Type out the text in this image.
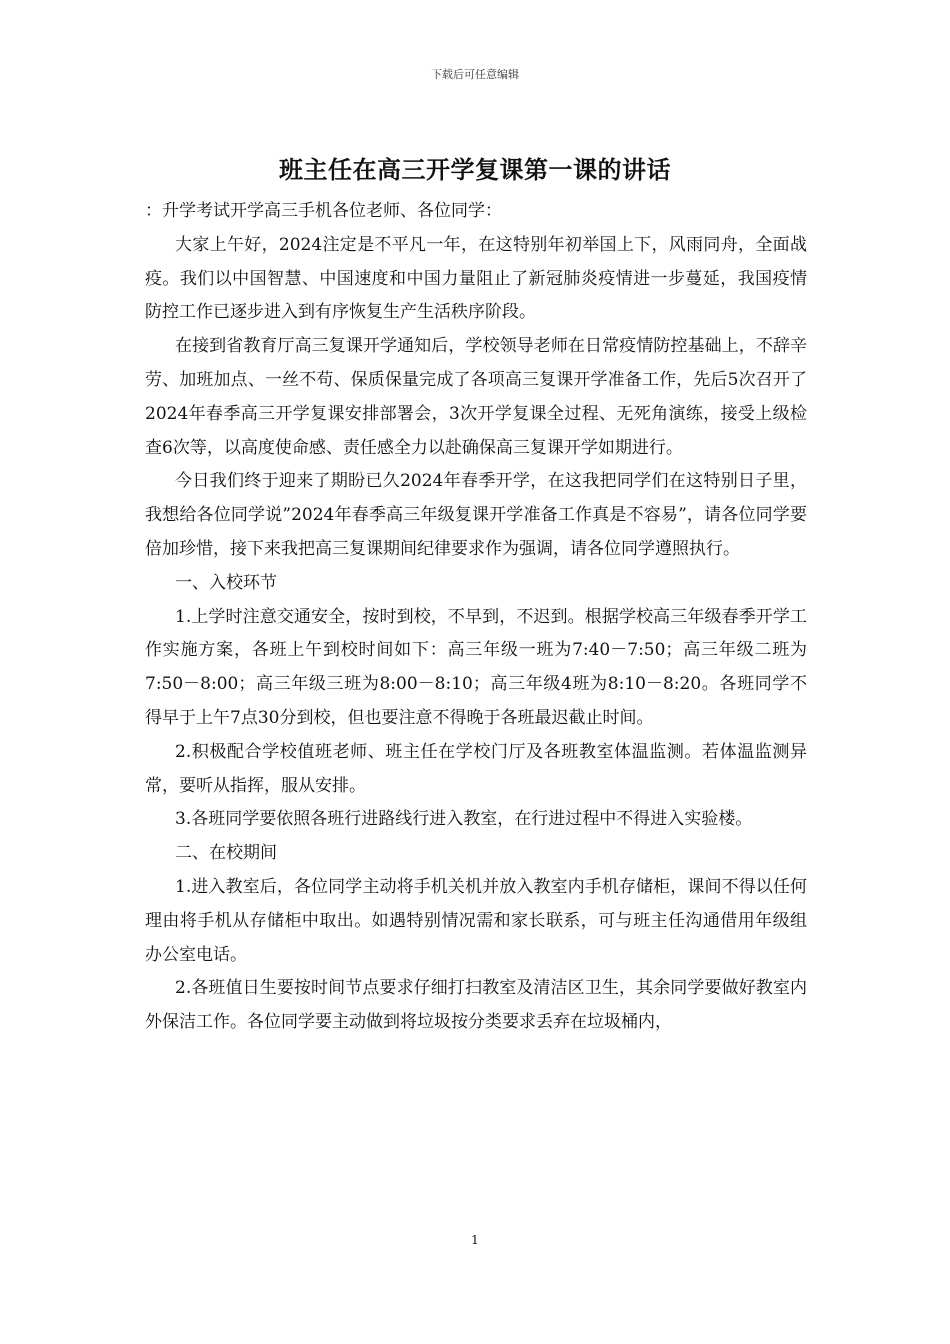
下载后可任意编辑
班主任在高三开学复课第一课的讲话

：升学考试开学高三手机各位老师、各位同学：

大家上午好，2024注定是不平凡一年，在这特别年初举国上下，风雨同舟，全面战疫。我们以中国智慧、中国速度和中国力量阻止了新冠肺炎疫情进一步蔓延，我国疫情防控工作已逐步进入到有序恢复生产生活秩序阶段。

在接到省教育厅高三复课开学通知后，学校领导老师在日常疫情防控基础上，不辞辛劳、加班加点、一丝不苟、保质保量完成了各项高三复课开学准备工作，先后5次召开了2024年春季高三开学复课安排部署会，3次开学复课全过程、无死角演练，接受上级检查6次等，以高度使命感、责任感全力以赴确保高三复课开学如期进行。

今日我们终于迎来了期盼已久2024年春季开学，在这我把同学们在这特别日子里，我想给各位同学说”2024年春季高三年级复课开学准备工作真是不容易”，请各位同学要倍加珍惜，接下来我把高三复课期间纪律要求作为强调，请各位同学遵照执行。

一、入校环节

1.上学时注意交通安全，按时到校，不早到，不迟到。根据学校高三年级春季开学工作实施方案，各班上午到校时间如下：高三年级一班为7:40－7:50；高三年级二班为7:50－8:00；高三年级三班为8:00－8:10；高三年级4班为8:10－8:20。各班同学不得早于上午7点30分到校，但也要注意不得晚于各班最迟截止时间。

2.积极配合学校值班老师、班主任在学校门厅及各班教室体温监测。若体温监测异常，要听从指挥，服从安排。

3.各班同学要依照各班行进路线行进入教室，在行进过程中不得进入实验楼。

二、在校期间

1.进入教室后，各位同学主动将手机关机并放入教室内手机存储柜，课间不得以任何理由将手机从存储柜中取出。如遇特别情况需和家长联系，可与班主任沟通借用年级组办公室电话。

2.各班值日生要按时间节点要求仔细打扫教室及清洁区卫生，其余同学要做好教室内外保洁工作。各位同学要主动做到将垃圾按分类要求丢弃在垃圾桶内，

1
